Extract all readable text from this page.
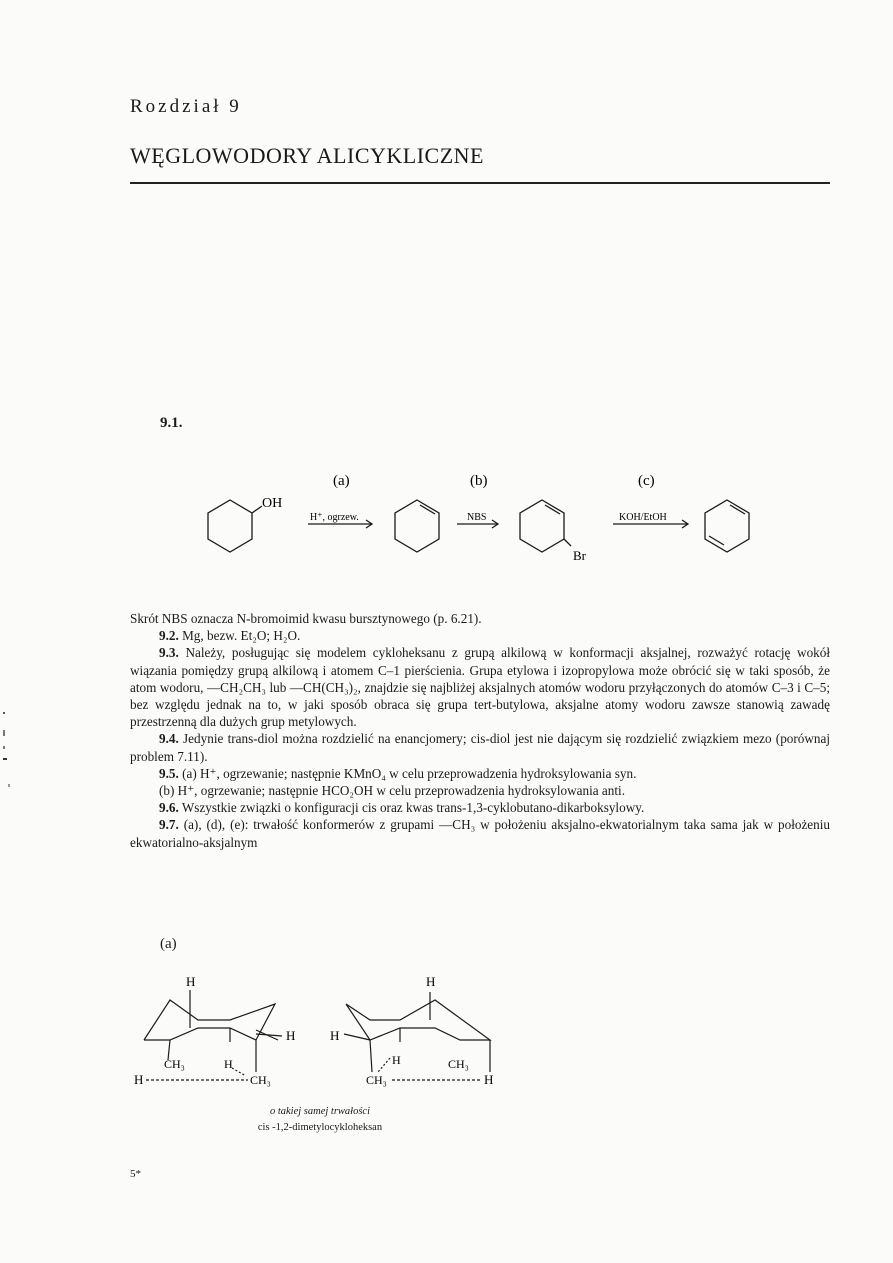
Rozdział 9
WĘGLOWODORY ALICYKLICZNE
9.1.
OH
(a)
H⁺, ogrzew.
(b)
NBS
(c)
KOH/EtOH
Br

Skrót NBS oznacza N-bromoimid kwasu bursztynowego (p. 6.21).

9.2. Mg, bezw. Et₂O; H₂O.

9.3. Należy, posługując się modelem cykloheksanu z grupą alkilową w konformacji aksjalnej, rozważyć rotację wokół wiązania pomiędzy grupą alkilową i atomem C–1 pierścienia. Grupa etylowa i izopropylowa może obrócić się w taki sposób, że atom wodoru, —CH₂CH₃ lub —CH(CH₃)₂, znajdzie się najbliżej aksjalnych atomów wodoru przyłączonych do atomów C–3 i C–5; bez względu jednak na to, w jaki sposób obraca się grupa tert-butylowa, aksjalne atomy wodoru zawsze stanowią zawadę przestrzenną dla dużych grup metylowych.

9.4. Jedynie trans-diol można rozdzielić na enancjomery; cis-diol jest nie dającym się rozdzielić związkiem mezo (porównaj problem 7.11).

9.5. (a) H⁺, ogrzewanie; następnie KMnO₄ w celu przeprowadzenia hydroksylowania syn.

(b) H⁺, ogrzewanie; następnie HCO₂OH w celu przeprowadzenia hydroksylowania anti.

9.6. Wszystkie związki o konfiguracji cis oraz kwas trans-1,3-cyklobutano-dikarboksylowy.

9.7. (a), (d), (e): trwałość konformerów z grupami —CH₃ w położeniu aksjalno-ekwatorialnym taka sama jak w położeniu ekwatorialno-aksjalnym

(a)
H
H
CH₃	H
H	CH₃
H
H
H	CH₃
CH₃	H
o takiej samej trwałości
cis -1,2-dimetylocykloheksan
5*
